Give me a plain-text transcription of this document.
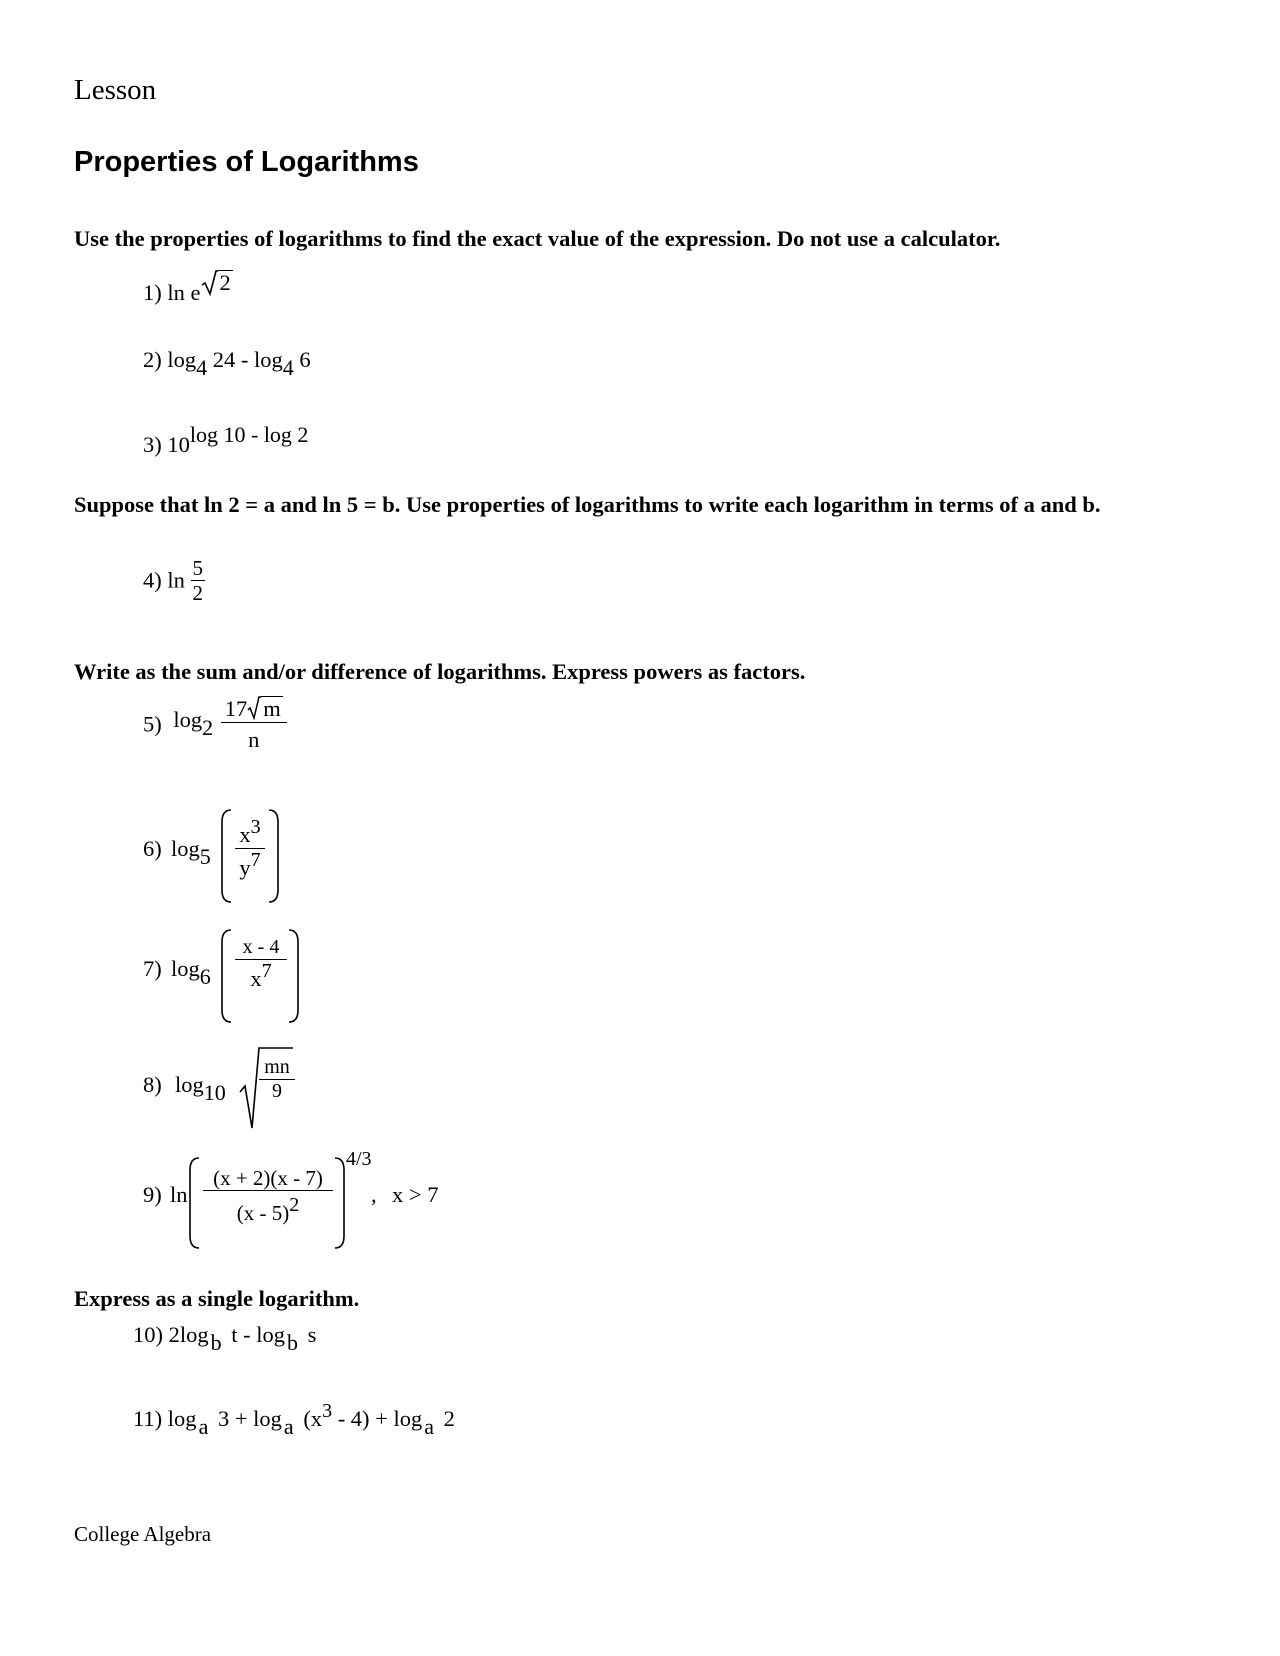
Lesson
Properties of Logarithms
Use the properties of logarithms to find the exact value of the expression. Do not use a calculator.
1) ln e 2
2) $\log_4 24 - \log_4 6$
3) $10^{log 10 - log 2}$
Suppose that ln 2 = a and ln 5 = b. Use properties of logarithms to write each logarithm in terms of a and b.
4) $\ln \frac{5}{2}$
Write as the sum and/or difference of logarithms. Express powers as factors.
5) $\log_2 \frac{17 m}{n}$
6) $\log_5 \frac{x^3}{y^7}$
7) $\log_6 \frac{x - 4}{x^7}$
8) $\log_{10} \frac{mn}{9}$
9) $\ln \frac{(x + 2)(x - 7)}{(x - 5)^2}$
4/3
, x > 7
Express as a single logarithm.
10) $2\log_b$ t - $\log_b s$
11) $\log_a 3 + \log_a (x^3 - 4) + \log_a 2$
College Algebra
